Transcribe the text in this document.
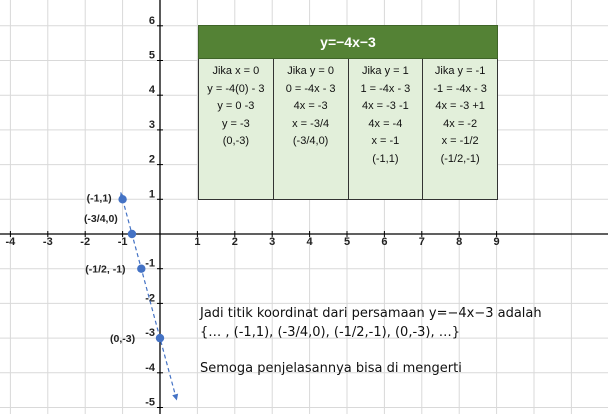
-4	-3	-2	-1	1	2	3	4	5	6	7	8	9
-5
-4
-3
-2
-1
1
2
3
4
5
6
(-1,1)
(-3/4,0)
(-1/2, -1)
(0,-3)
y=−4x−3
Jika x = 0
y = -4(0) - 3
y = 0 -3
y = -3
(0,-3)
Jika y = 0
0 = -4x - 3
4x = -3
x = -3/4
(-3/4,0)
Jika y = 1
1 = -4x - 3
4x = -3 -1
4x = -4
x = -1
(-1,1)
Jika y = -1
-1 = -4x - 3
4x = -3 +1
4x = -2
x = -1/2
(-1/2,-1)
Jadi titik koordinat dari persamaan y=−4x−3 adalah
{… , (-1,1), (-3/4,0), (-1/2,-1), (0,-3), …}
Semoga penjelasannya bisa di mengerti
